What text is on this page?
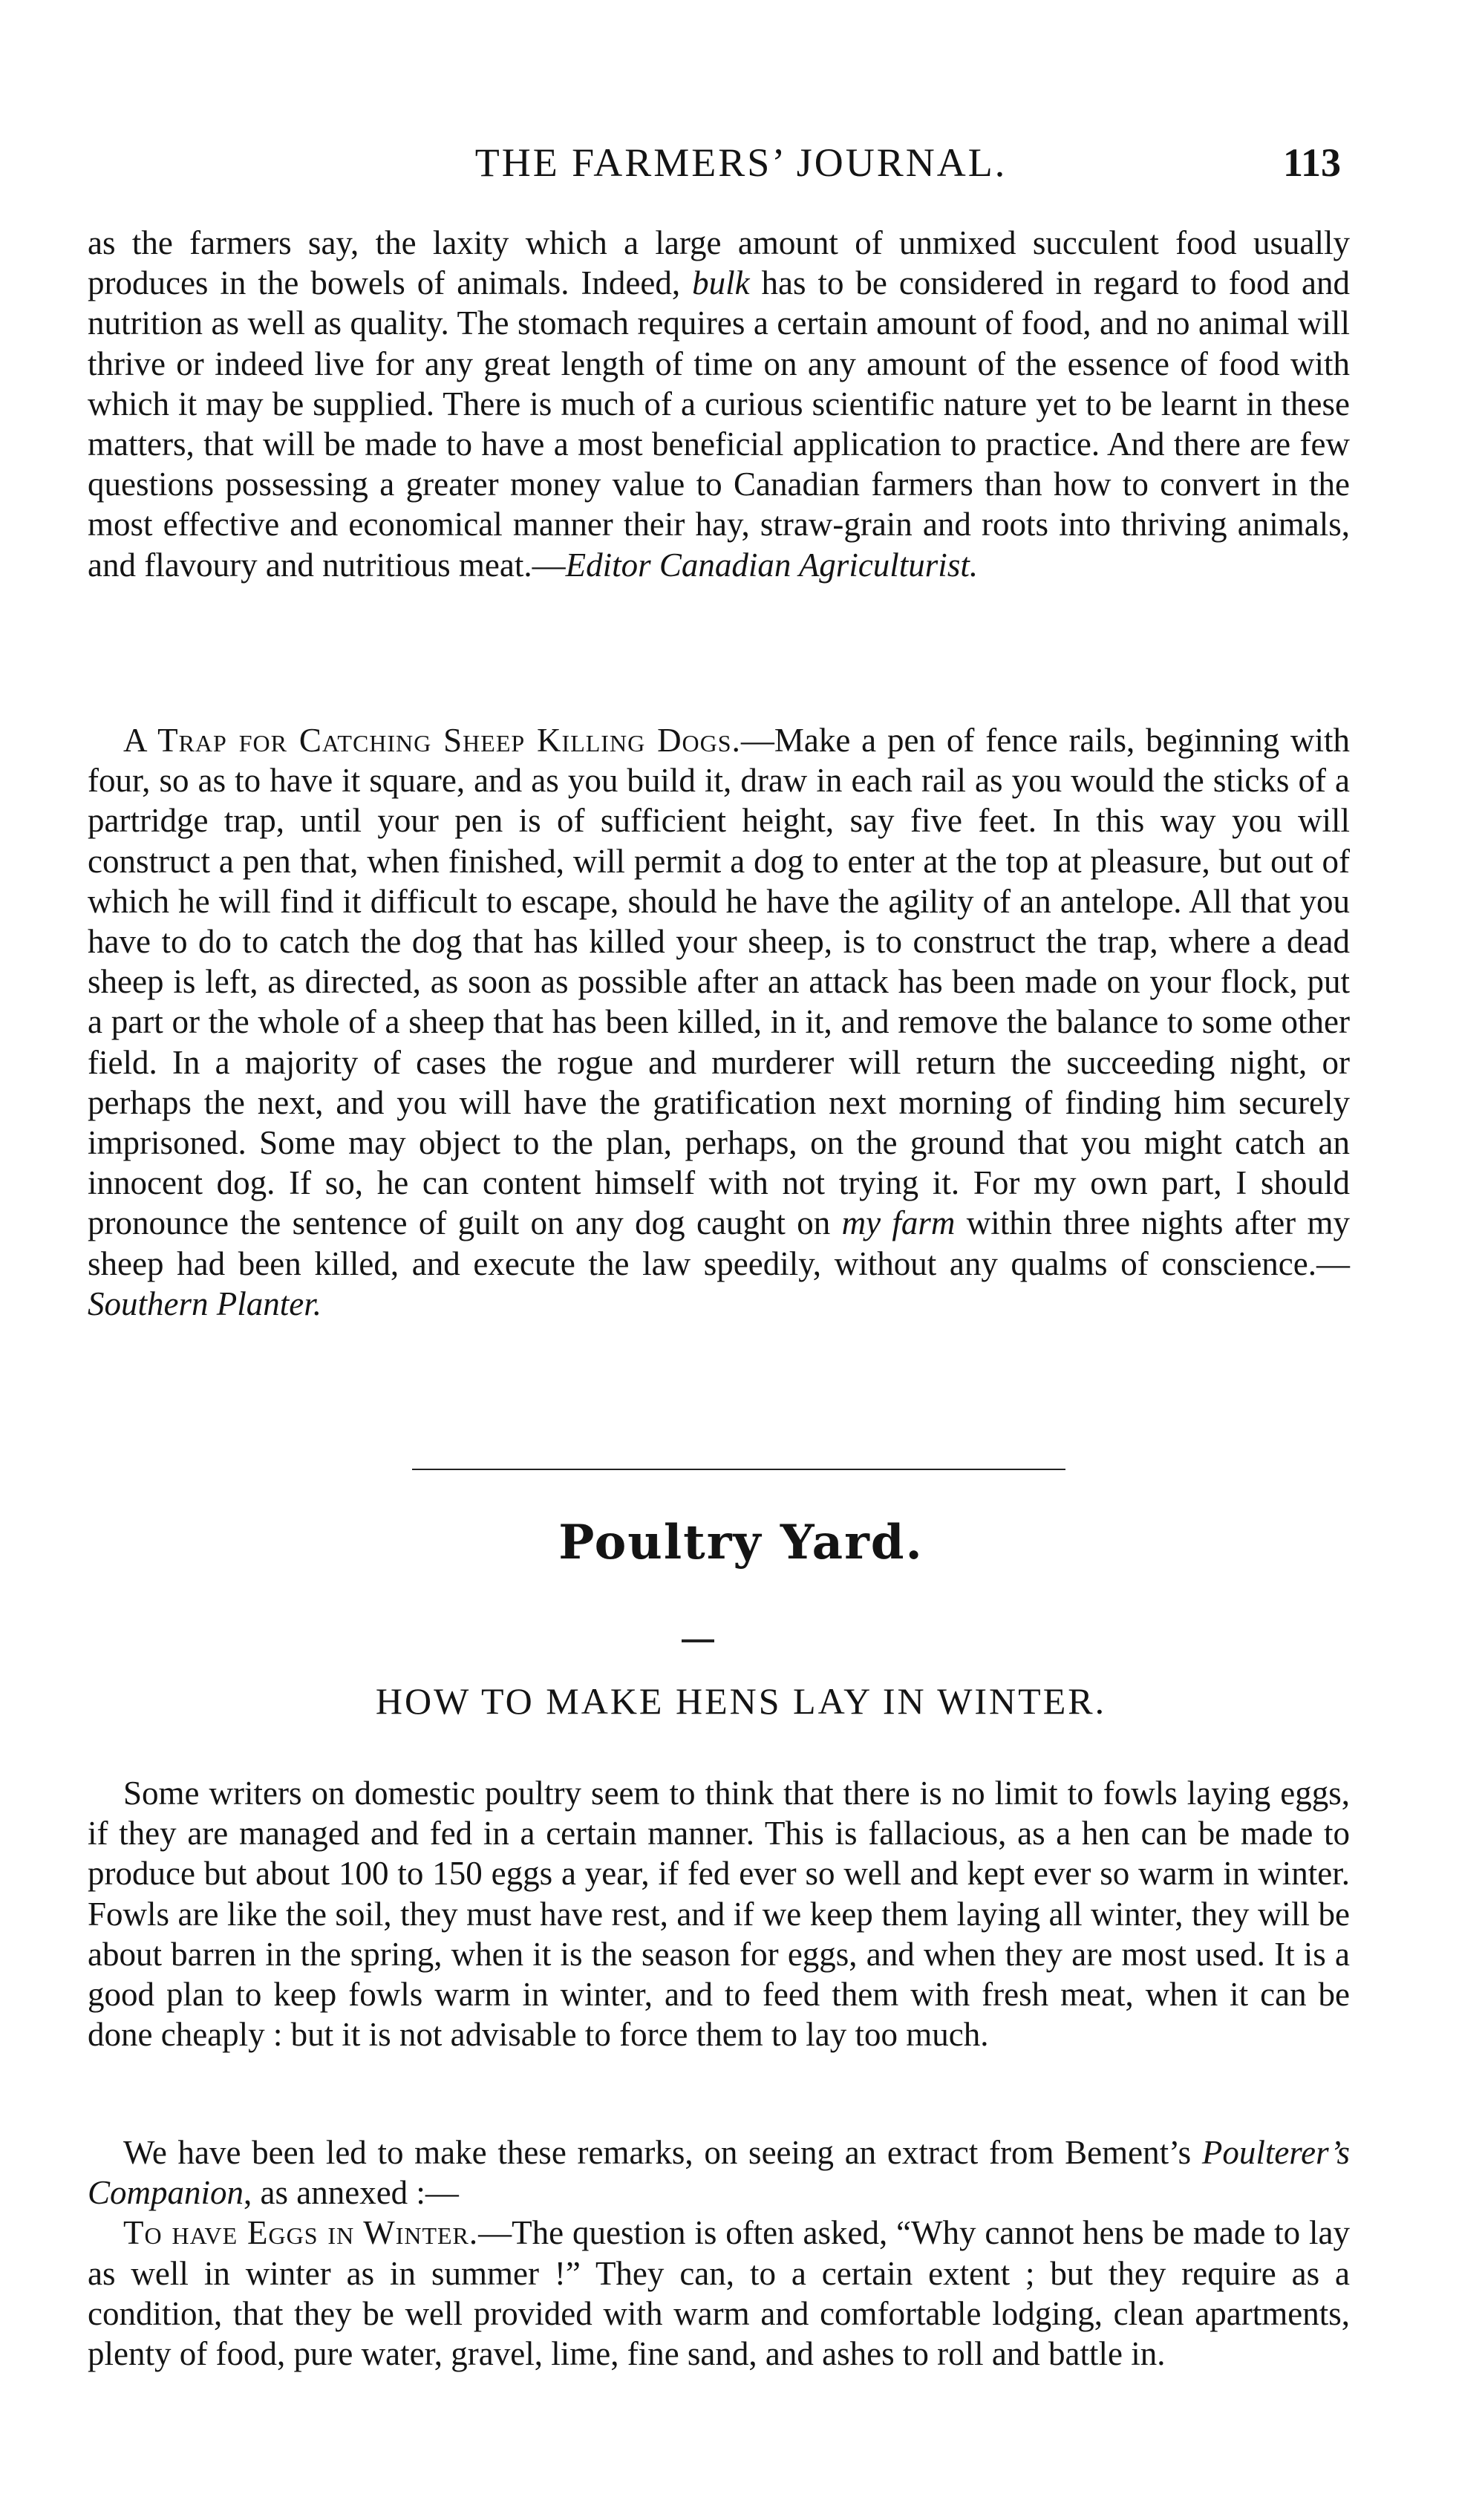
THE FARMERS’ JOURNAL.	113

as the farmers say, the laxity which a large amount of unmixed succulent food usually produces in the bowels of animals. Indeed, bulk has to be considered in regard to food and nutrition as well as quality. The stomach requires a certain amount of food, and no animal will thrive or indeed live for any great length of time on any amount of the essence of food with which it may be supplied. There is much of a curious scientific nature yet to be learnt in these matters, that will be made to have a most beneficial application to practice. And there are few questions possessing a greater money value to Canadian farmers than how to convert in the most effective and economical manner their hay, straw-grain and roots into thriving animals, and flavoury and nutritious meat.—Editor Canadian Agriculturist.

A Trap for Catching Sheep Killing Dogs.—Make a pen of fence rails, beginning with four, so as to have it square, and as you build it, draw in each rail as you would the sticks of a partridge trap, until your pen is of sufficient height, say five feet. In this way you will construct a pen that, when finished, will permit a dog to enter at the top at pleasure, but out of which he will find it difficult to escape, should he have the agility of an antelope. All that you have to do to catch the dog that has killed your sheep, is to construct the trap, where a dead sheep is left, as directed, as soon as possible after an attack has been made on your flock, put a part or the whole of a sheep that has been killed, in it, and remove the balance to some other field. In a majority of cases the rogue and murderer will return the succeeding night, or perhaps the next, and you will have the gratification next morning of finding him securely imprisoned. Some may object to the plan, perhaps, on the ground that you might catch an innocent dog. If so, he can content himself with not trying it. For my own part, I should pronounce the sentence of guilt on any dog caught on my farm within three nights after my sheep had been killed, and execute the law speedily, without any qualms of conscience.—Southern Planter.

Poultry Yard.
HOW TO MAKE HENS LAY IN WINTER.

Some writers on domestic poultry seem to think that there is no limit to fowls laying eggs, if they are managed and fed in a certain manner. This is fallacious, as a hen can be made to produce but about 100 to 150 eggs a year, if fed ever so well and kept ever so warm in winter. Fowls are like the soil, they must have rest, and if we keep them laying all winter, they will be about barren in the spring, when it is the season for eggs, and when they are most used. It is a good plan to keep fowls warm in winter, and to feed them with fresh meat, when it can be done cheaply : but it is not advisable to force them to lay too much.

We have been led to make these remarks, on seeing an extract from Bement’s Poulterer’s Companion, as annexed :—

To have Eggs in Winter.—The question is often asked, “Why cannot hens be made to lay as well in winter as in summer !” They can, to a certain extent ; but they require as a condition, that they be well provided with warm and comfortable lodging, clean apartments, plenty of food, pure water, gravel, lime, fine sand, and ashes to roll and battle in.
